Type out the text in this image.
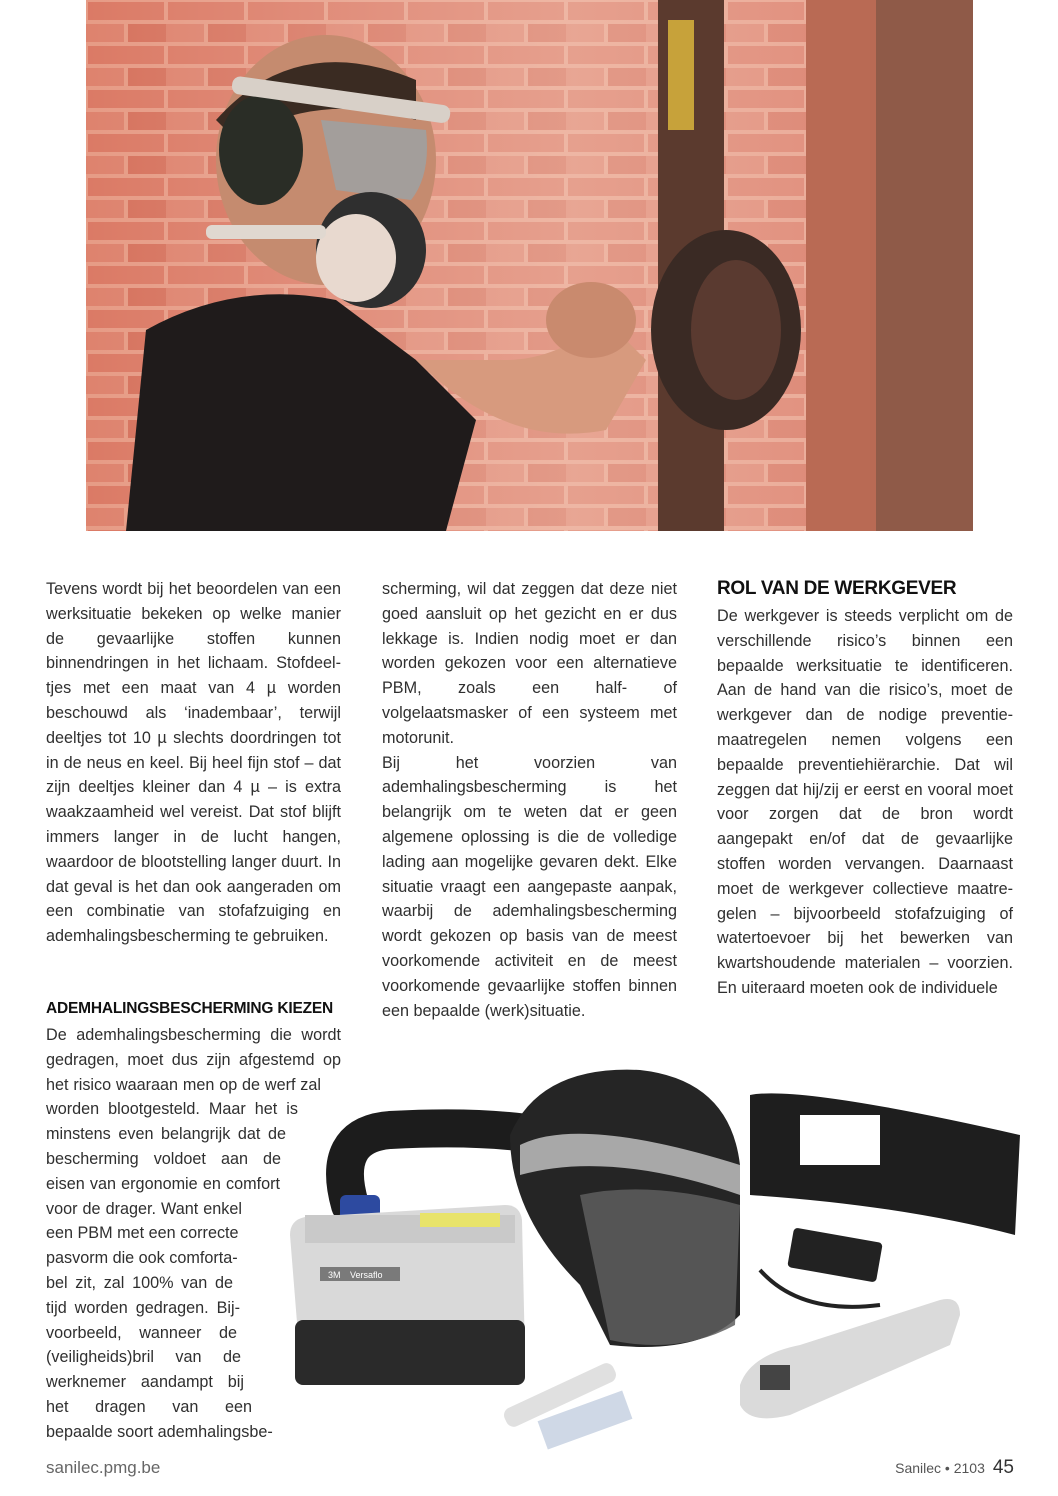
Tevens wordt bij het beoordelen van een werksituatie bekeken op welke manier de gevaarlijke stoffen kunnen binnendringen in het lichaam. Stofdeeltjes met een maat van 4 µ worden beschouwd als ‘inadembaar’, terwijl deeltjes tot 10 µ slechts doordringen tot in de neus en keel. Bij heel fijn stof – dat zijn deeltjes kleiner dan 4 µ – is extra waakzaamheid wel vereist. Dat stof blijft immers langer in de lucht hangen, waardoor de blootstelling langer duurt. In dat geval is het dan ook aangeraden om een combinatie van stofafzuiging en ademhalingsbescherming te gebruiken.

ADEMHALINGSBESCHERMING KIEZEN
De ademhalingsbescherming die wordt
gedragen, moet dus zijn afgestemd op
het risico waaraan men op de werf zal
worden blootgesteld. Maar het is
minstens even belangrijk dat de
bescherming voldoet aan de
eisen van ergonomie en comfort
voor de drager. Want enkel
een PBM met een correcte
pasvorm die ook comforta-
bel zit, zal 100% van de
tijd worden gedragen. Bij-
voorbeeld, wanneer de
(veiligheids)bril van de
werknemer aandampt bij
het dragen van een
bepaalde soort ademhalingsbe-

scherming, wil dat zeggen dat deze niet goed aansluit op het gezicht en er dus lekkage is. Indien nodig moet er dan worden gekozen voor een alternatieve PBM, zoals een half- of volgelaatsmasker of een systeem met motorunit.

Bij het voorzien van ademhalingsbescherming is het belangrijk om te weten dat er geen algemene oplossing is die de volledige lading aan mogelijke gevaren dekt. Elke situatie vraagt een aangepaste aanpak, waarbij de ademhalingsbescherming wordt gekozen op basis van de meest voorkomende activiteit en de meest voorkomende gevaarlijke stoffen binnen een bepaalde (werk)situatie.

ROL VAN DE WERKGEVER

De werkgever is steeds verplicht om de verschillende risico’s binnen een bepaalde werksituatie te identificeren. Aan de hand van die risico’s, moet de werkgever dan de nodige preventiemaatregelen nemen volgens een bepaalde preventiehiërarchie. Dat wil zeggen dat hij/zij er eerst en vooral moet voor zorgen dat de bron wordt aangepakt en/of dat de gevaarlijke stoffen worden vervangen. Daarnaast moet de werkgever collectieve maatregelen – bijvoorbeeld stofafzuiging of watertoevoer bij het bewerken van kwartshoudende materialen – voorzien. En uiteraard moeten ook de individuele

3M Versaflo
sanilec.pmg.be	Sanilec • 2103 45
